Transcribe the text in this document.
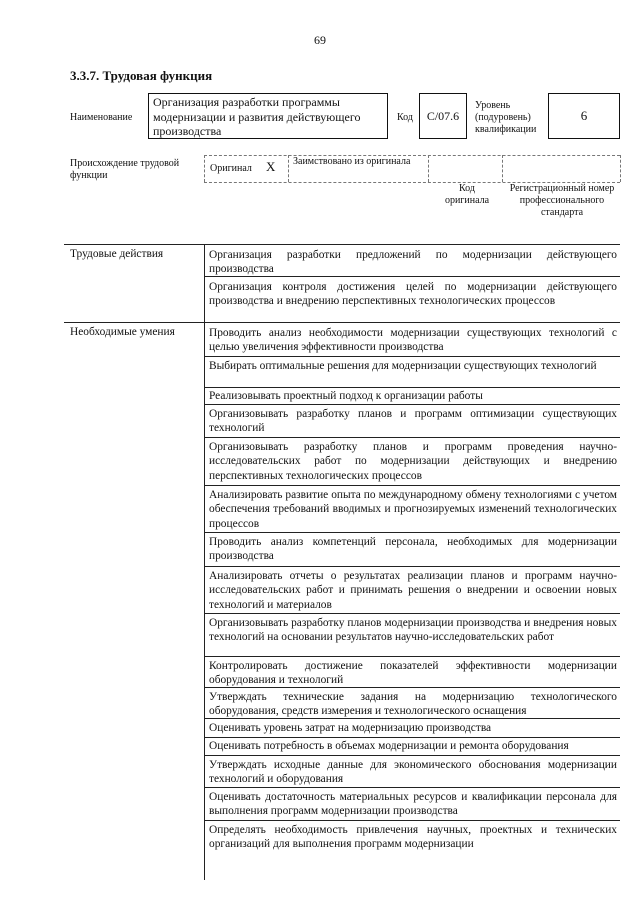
69
3.3.7. Трудовая функция
Наименование
Организация разработки программы модернизации и развития действующего производства
Код C/07.6
Уровень (подуровень) квалификации
6
Происхождение трудовой функции
Оригинал X Заимствовано из оригинала
Код оригинала
Регистрационный номер профессионального стандарта
Трудовые действия
Необходимые умения
Организация разработки предложений по модернизации действующего производства
Организация контроля достижения целей по модернизации действующего производства и внедрению перспективных технологических процессов
Проводить анализ необходимости модернизации существующих технологий с целью увеличения эффективности производства
Выбирать оптимальные решения для модернизации существующих технологий
Реализовывать проектный подход к организации работы
Организовывать разработку планов и программ оптимизации существующих технологий
Организовывать разработку планов и программ проведения научно-исследовательских работ по модернизации действующих и внедрению перспективных технологических процессов
Анализировать развитие опыта по международному обмену технологиями с учетом обеспечения требований вводимых и прогнозируемых изменений технологических процессов
Проводить анализ компетенций персонала, необходимых для модернизации производства
Анализировать отчеты о результатах реализации планов и программ научно-исследовательских работ и принимать решения о внедрении и освоении новых технологий и материалов
Организовывать разработку планов модернизации производства и внедрения новых технологий на основании результатов научно-исследовательских работ
Контролировать достижение показателей эффективности модернизации оборудования и технологий
Утверждать технические задания на модернизацию технологического оборудования, средств измерения и технологического оснащения
Оценивать уровень затрат на модернизацию производства
Оценивать потребность в объемах модернизации и ремонта оборудования
Утверждать исходные данные для экономического обоснования модернизации технологий и оборудования
Оценивать достаточность материальных ресурсов и квалификации персонала для выполнения программ модернизации производства
Определять необходимость привлечения научных, проектных и технических организаций для выполнения программ модернизации
